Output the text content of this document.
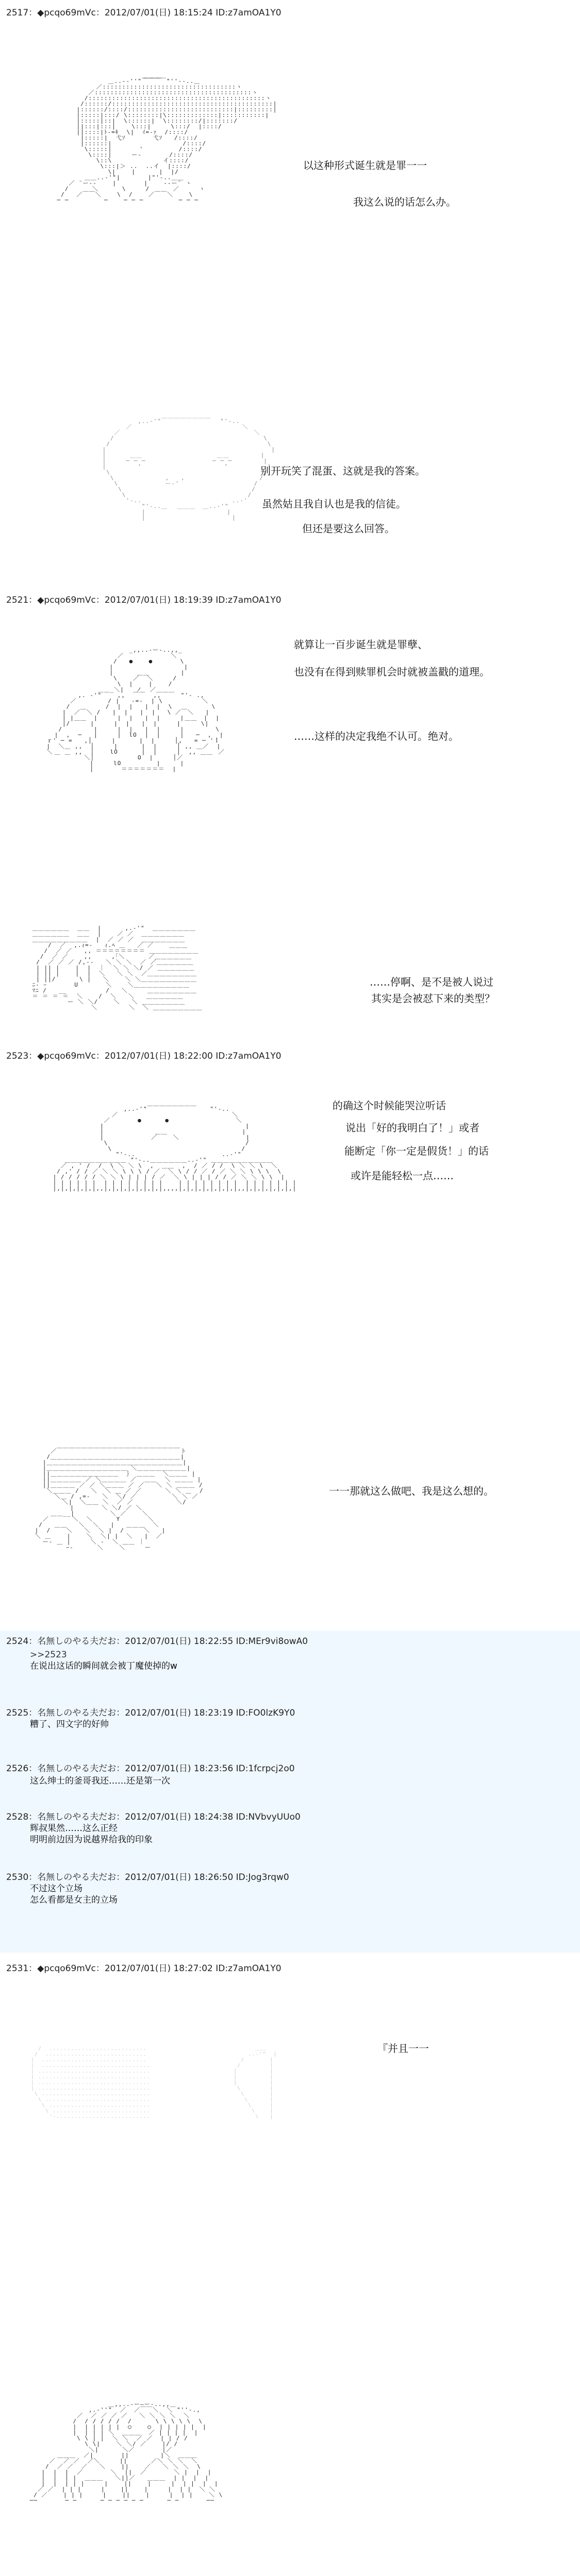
2517：◆pcqo69mVc：2012/07/01(日) 18:15:24 ID:z7amOA1Y0

＿＿＿
＿..--''"￣￣￣￣"''--..＿
／::::::::::::::::::::::::::::::::::ヽ
／::::::::::::::::::::::::::::::::::::::::ヽ
/:::::::::::::::::::::::::::::::::::::::::::::ヽ
/::::::/:::::::::::::::::::::::::::::::::::::::::|
|::::::/::::/:::::::::::::::::::::::::::|:::::::::|
|:::::|:::/ \::::::::|\:::::::::::::|:::::::::::|
|:::::|::|  \::::::|  \::::::::/|:::::::/
||:::|:::|    \:::|     \:::/  |::::/
||::::|ﾄ-=ｷ  \|  ｲ=-ｧ  /::::/
|:::::|  弋ｿ       弋ｿ   /::::/
|::::::|                  /::::/
\:::::|       '         /::::/
\::::|     ー‐       /::::/
\::\             イ::::/
\:::|＞ ..  ..イ  |::::/
\|    |      |  |/
＿＿..-'"|       |"'-..＿＿
／ ¨ー--    |       |    --ー¨ ヽ
/      ＼      \     /      ／     ヽ
/   ／￣￣＼    \  /    ／￣￣＼    \
─ ─         ─    ─ ─ ─         ─ ─ ─
以这种形式诞生就是罪一一
我这么说的话怎么办。

＿＿＿＿＿＿＿＿
,..-'"               "'-..
／                            ＼
／                                  ＼
/                                      \
/                                        \
|                                          |
|      ＿＿                   ＿＿        |
|     ─ ─ ─                 ─ ─ ─        |
|        ‘                     ’          |
\                                       /
\             ,   ,                   /
\            ー‐'                   /
\                                 /
\                               /
'-..                       ..-'
"'-..＿         ＿..-'"
|        ￣￣￣        |
|                      |
别开玩笑了混蛋、这就是我的答案。
虽然姑且我自认也是我的信徒。
但还是要这么回答。
2521：◆pcqo69mVc：2012/07/01(日) 18:19:39 ID:z7amOA1Y0

_,,..-ー-..,,_
／            ＼
/   ●    ●       \
|                  |
|      ＿＿        |
\    ／  ＼     /
\  |    |    /
＿＿_＼|   ノ  ／＿＿＿
,. ‐'"    ,,  ￣￣  ,,     "'‐ .,
／        / |   ‐=‐  | \          ＼
/         /  |  |   |  |  \          \
|  ／￣＼ /   |  |   |  |   \ ／￣＼   |
| |     |     |  |   |  |     |     |  |
|/ ￣￣ |     |  |   |  |     | ￣￣ \|
/        |     |  |   |  |     |        \
|  ,  ─   |     |  lO  |  |     |   ─  ,  |
ｒ' ─ =   ,│     |      |  |     │,   = ─ 'ｌ
|  ＼＿ ,,  │     |      |  |     │ ,, ＿／  |
＼   ＿ ,,  │    lO      |  |     │  ,, ＿   ／
￣      ＼│           O  |     │／      ￣
|     lO         |     |
|       ＝＝＝＝＝＝＝  |
就算让一百步诞生就是罪孽、
也没有在得到赎罪机会时就被盖戳的道理。
……这样的决定我绝不认可。绝对。

＿＿＿＿＿＿  ＿＿  |      ,.-'"  ＿＿＿＿＿＿＿
＿＿＿＿＿＿  ＿＿  |    ／ ／  ＿＿＿＿＿＿＿
＿＿＿＿＿＿＿＿＿  |  ／ ／ ／  ＿＿＿＿＿＿＿
/  ／  ,.ｨ=-   ｨ.ﾍ ＿   ／ ／    ＿＿＿
/  ／ ／   ,, ＝＝＝＝＝＝＝＝ ＿＿＿＿＿＿＿＿
/  ／ ／    ,,     ,｢＼      ／＿＿＿＿＿＿
/  ／ ／ ／ /,--   ＼ ＼ ＼  ／ ／＿＿＿＿＿＿
| || |    |  |  ｜  ＼ ＼ ＼/ ／ ＿＿＿＿＿＿
| || |    |  |  ＼   ＼ ＼  ／＿＿＿＿＿＿＿＿
| ||/      \ |   ＼    ＼ ＼＿＿＿＿＿＿＿＿＿
ﾆ- ｰ       U       ＼    ＼＿＿＿＿＿＿＿＿＿
ﾏﾆ /   __          /   ＼     ＿＿＿＿＿＿＿＿
＝ ＝ ＝ ＝  ＼    /  ＼   ＼   ＿＿＿＿＿＿
ー ＼ ＼/    ＼   ＼ ＿＿＿＿＿＿＿
＼        ＼  ＼ ＿＿＿＿＿＿＿＿
……停啊、是不是被人说过
其实是会被怼下来的类型？
2523：◆pcqo69mVc：2012/07/01(日) 18:22:00 ID:z7amOA1Y0

＿＿＿＿＿＿＿＿
,..-'"                "'-..
／                             ＼
／       ●      ●                 ＼
|                                    |
|             ＿＿                   |
|            ／    ＼                 |
\                                   /
\                                 /
"'-..                      ..-'"
＿＿＿＿＿＿＿＿＿＿ "'-..＿＿＿＿＿＿..-'" ＿＿＿＿＿＿＿＿＿＿
／ , ' /  /  \ ＼ ＼ \  ,  ＿＿  ,  / ／ / /  \ ＼ ＼ \  ＼
/ ,' / / ／ ＼ ＼ \ \ \ / ／  ＼ \ / / ／ / ／ ＼ ＼ \ \ \  \
| / / / / / ＼ ＼ \ | | | / ／  ＼ \ | | | / / ／ ＼ ＼ \ \  |
| | | | | |  | | | | | | | |    | | | | | | | |  | | | | | | |
|,|,|,|,|,|,,|,|,|,|,|,|,|,|,,,,|,|,|,|,|,|,|,|,,|,|,|,|,|,|,|
的确这个时候能哭泣听话
说出「好的我明白了！」或者
能断定「你一定是假货！」的话
或许是能轻松一点……

／￣￣￣￣￣￣￣￣￣￣￣￣￣￣￣￣￣￣￣￣ト
/＿＿＿＿＿＿＿＿＿＿＿＿＿＿＿＿＿＿＿＿＿|
|＿＿＿＿＿＿＿＿＿＿＿＿＿＿＿＿＿＿＿＿＿＿|
|＿＿＿＿＿＿＿＿＿＿＿＿＿ ＼＿＿＿＿＿＿＿＿|
||＿＿＿＿＿＿＿＿＿＿＿  ｝ ＿＿＿  ＼＿＿＿ |
||＿＿＿＿＿ ／ ＼＿＿＿＿ ／  ＿＿  ＼ ＿＿＿ |
||＿＿＿＿ ／ ／ ＼＿＿＿ ／ ／   ＼ ＼ ＿＿＿ /
＼＿＿＿ /   ＼  ＼ ＿ ／ ／      ＼ ＼ ＿  /
＼＿ / ,=‐   ＼  ＼/ ／         ＼ ＼ ／
＼|  ＼＿＿ ＼  ／ ／           ＼/
|       ＼ ＼/ ／ ＼
＿＿__|         ＼ ／    ＼
／      ＼  ＼      Y       ＼
/   ＿＿   ＼  ＼   |   ＿＿＿  ＼
|  /    ＼   ＼  ＼ |  /     ＼   |
＼ ＿    |    ＼  ＼| |  ＼   |  ／
ー‐ ＿ |     ＼ ‐  ＼ ＿＿ ｜
ｰ‐      ＼    ＼     ー
一一那就这么做吧、我是这么想的。
2524：名無しのやる夫だお：2012/07/01(日) 18:22:55 ID:MEr9vi8owA0
>>2523
在说出这话的瞬间就会被丁魔使掉的w
2525：名無しのやる夫だお：2012/07/01(日) 18:23:19 ID:FO0lzK9Y0
糟了、四文字的好帅
2526：名無しのやる夫だお：2012/07/01(日) 18:23:56 ID:1fcrpcj2o0
这么绅士的釜哥我还……还是第一次
2528：名無しのやる夫だお：2012/07/01(日) 18:24:38 ID:NVbvyUUo0
辉叔果然……这么正经
明明前边因为说越界给我的印象
2530：名無しのやる夫だお：2012/07/01(日) 18:26:50 ID:Jog3rqw0
不过这个立场
怎么看都是女主的立场
2531：◆pcqo69mVc：2012/07/01(日) 18:27:02 ID:z7amOA1Y0

/  ...........................                              ＿＿
/  ............................                            ..-'"  |
|  .............................                          /       |
|  ..............................                        /        |
| ...............................                       |         |
| ...............................                       |         |
| ...............................                       |         |
| ...............................                        \        |
\ ..............................                         \       |
\ .............................                          \      |
\ ............................                           \     |
\ ...........................                            \    |
'-..........................                             \   |
『并且一一

＿,,..-ー―ー-..,,＿
,.-''"  ／  ／￣￣＼  ＼ "''-.,
／  ／ ／ ／ ／   ＼ ＼ ＼ ＼  ＼
/  / / / / /  /      \ \ \ \ \  \
|  | | | | |  ○    ○  | | | | |  |
|  | | | ＼  ＿＿＿  ／ | | | |  |
\ \ | |  ＼ ＼  ／ ／  | | / /
\ \|    ＼ ＼/ ／    |/ /
＼|      ＼／       |／
＿＿＿  ／|       ||        |＼  ＿＿＿
／  ／ ／  ／＼     ||      ／＼ ＼ ＼  ＼
/  ／ ／  ／   ＼    ||    ／   ＼ ＼ ＼  \
|  |  |  ／       ＼  ||  ／       ＼ |  |  |
|  |  | |  ＿＿＿   ＼||／   ＿＿＿  | |  |  |
|  |  | | |     |    ||    |     |  | |  |  |
／ ／  | | |     |    ||    |     |  | |  ＼ ＼
/ ／    | | |     |    ||    |     |  | |    ＼ \
──       ─ ─      ─ ─ ─ ─ ─ ─      ─ ─       ──
